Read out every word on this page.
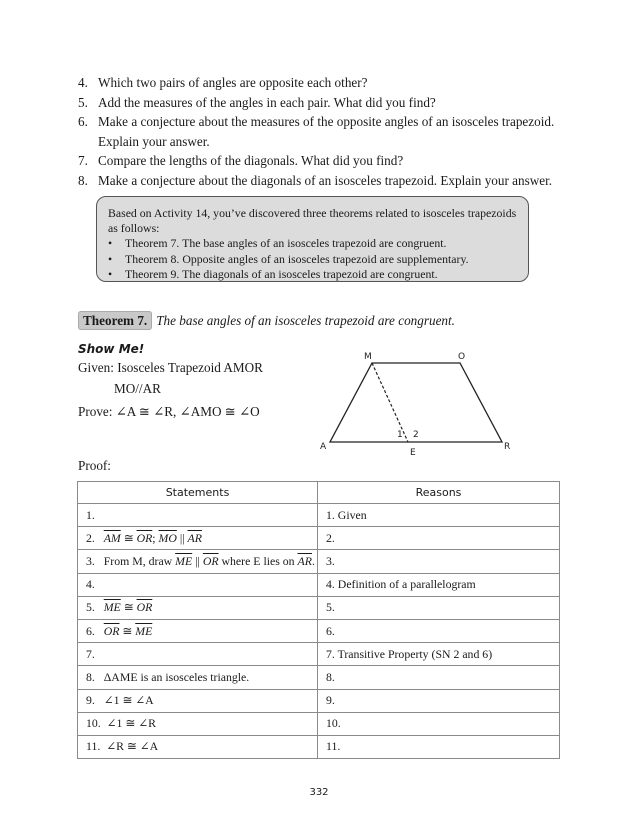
4. Which two pairs of angles are opposite each other?
5. Add the measures of the angles in each pair. What did you find?
6. Make a conjecture about the measures of the opposite angles of an isosceles trapezoid. Explain your answer.
7. Compare the lengths of the diagonals. What did you find?
8. Make a conjecture about the diagonals of an isosceles trapezoid. Explain your answer.
Based on Activity 14, you’ve discovered three theorems related to isosceles trapezoids as follows:
•	Theorem 7. The base angles of an isosceles trapezoid are congruent.
•	Theorem 8. Opposite angles of an isosceles trapezoid are supplementary.
•	Theorem 9. The diagonals of an isosceles trapezoid are congruent.
Theorem 7. The base angles of an isosceles trapezoid are congruent.
Show Me!
Given: Isosceles Trapezoid AMOR
MO//AR
Prove: ∠A ≅ ∠R, ∠AMO ≅ ∠O
M	O
A	R
E
1 2
Proof:
Statements	Reasons
1.	1. Given
2. $\overline{AM}$ ≅ $\overline{OR}$; $\overline{MO}$ || $\overline{AR}$	2.
3. From M, draw $\overline{ME}$ || $\overline{OR}$ where E lies on $\overline{AR}$.	3.
4.	4. Definition of a parallelogram
5. $\overline{ME}$ ≅ $\overline{OR}$	5.
6. $\overline{OR}$ ≅ $\overline{ME}$	6.
7.	7. Transitive Property (SN 2 and 6)
8. ΔAME is an isosceles triangle.	8.
9. ∠1 ≅ ∠A	9.
10. ∠1 ≅ ∠R	10.
11. ∠R ≅ ∠A	11.
332
